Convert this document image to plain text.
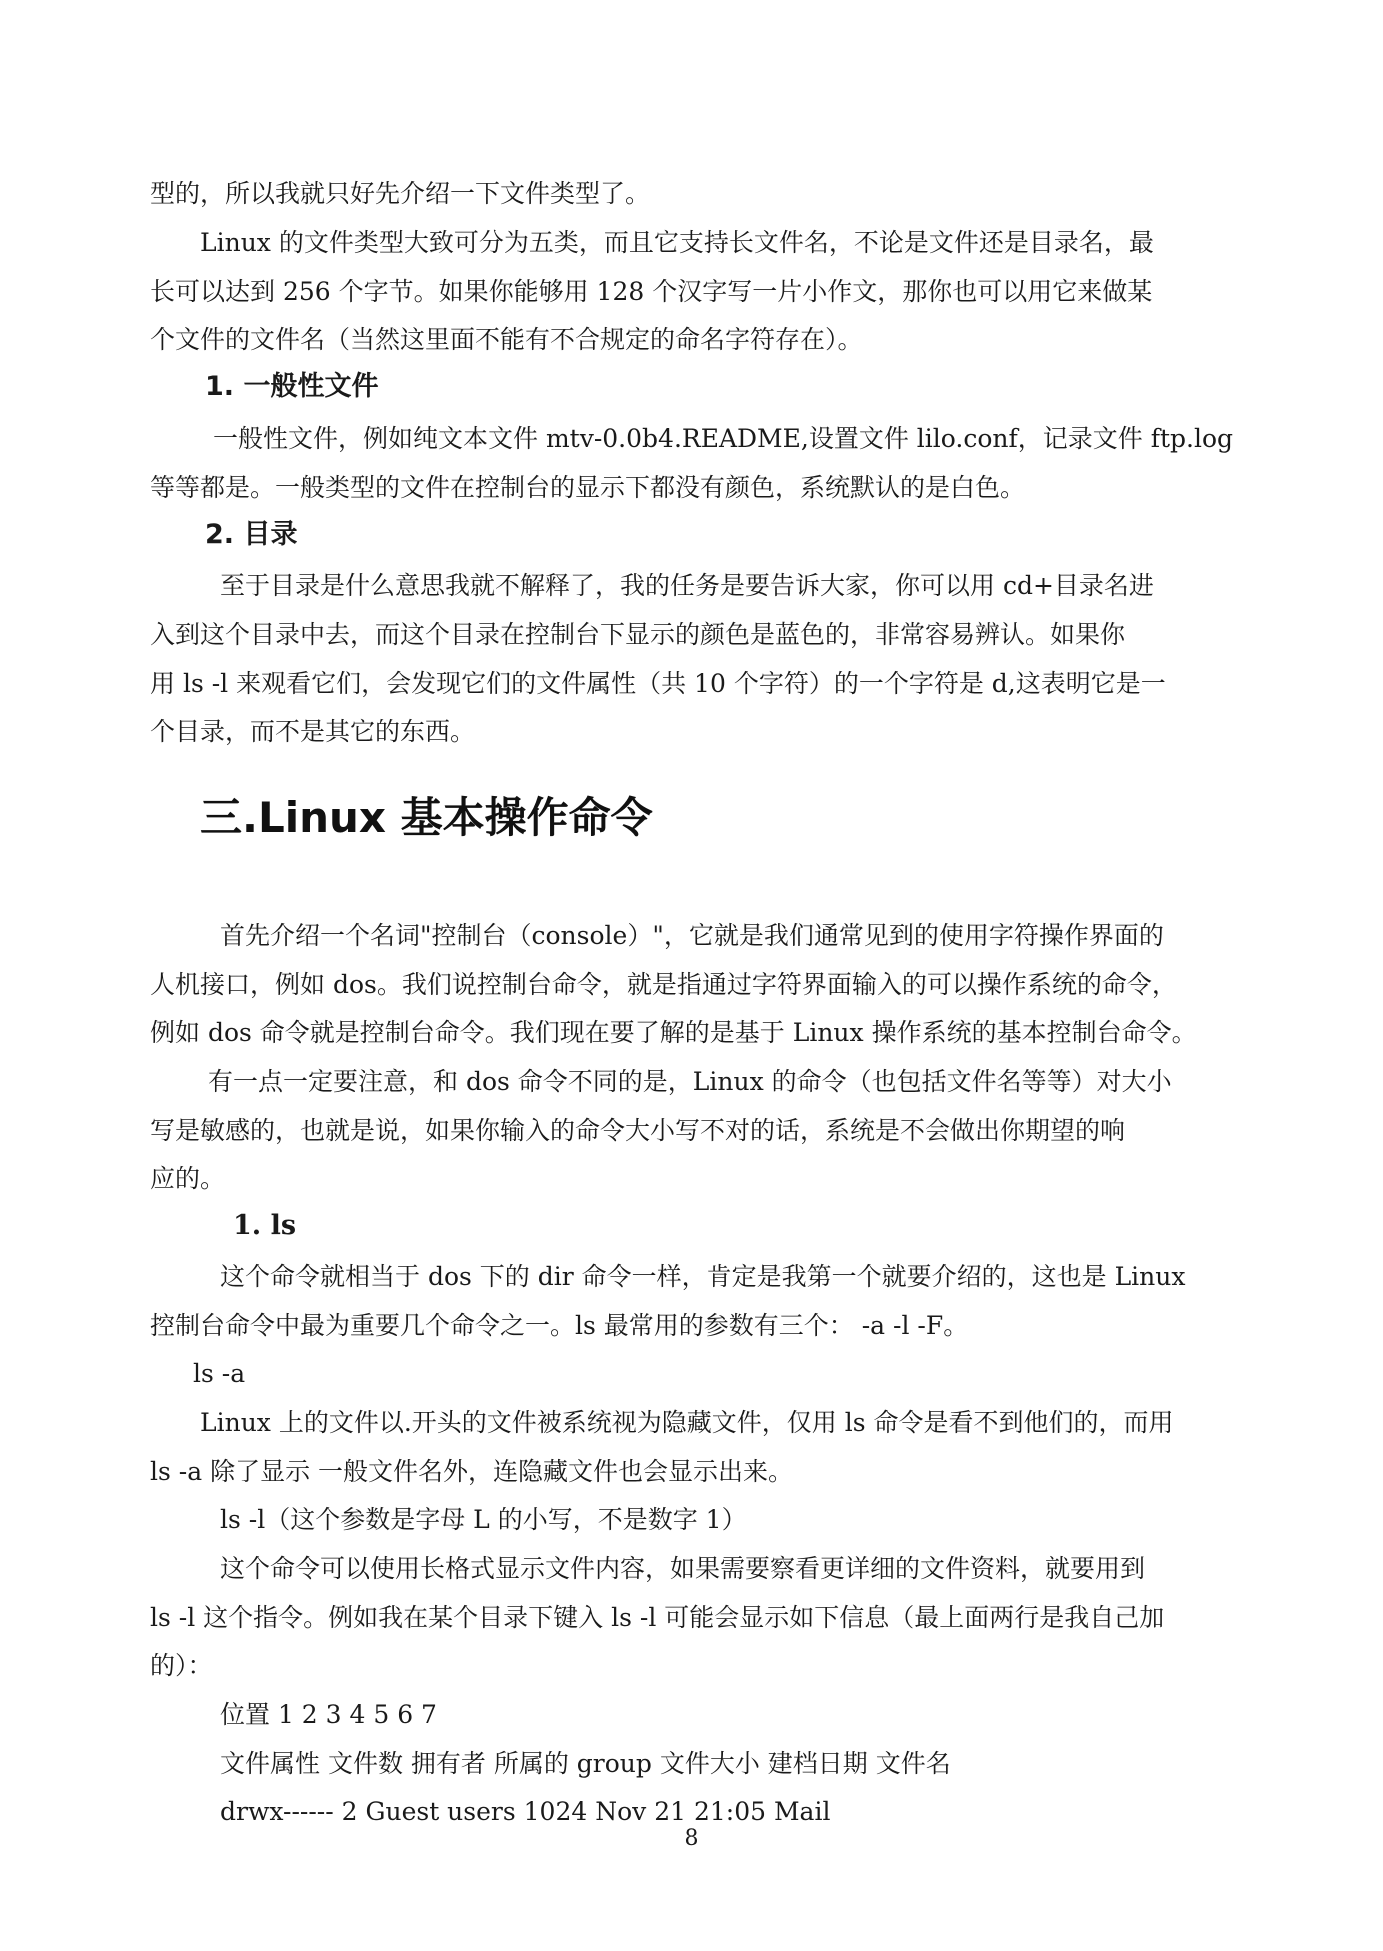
型的，所以我就只好先介绍一下文件类型了。
Linux 的文件类型大致可分为五类，而且它支持长文件名，不论是文件还是目录名，最
长可以达到 256 个字节。如果你能够用 128 个汉字写一片小作文，那你也可以用它来做某
个文件的文件名（当然这里面不能有不合规定的命名字符存在）。
1. 一般性文件
一般性文件，例如纯文本文件 mtv-0.0b4.README,设置文件 lilo.conf，记录文件 ftp.log
等等都是。一般类型的文件在控制台的显示下都没有颜色，系统默认的是白色。
2. 目录
至于目录是什么意思我就不解释了，我的任务是要告诉大家，你可以用 cd+目录名进
入到这个目录中去，而这个目录在控制台下显示的颜色是蓝色的，非常容易辨认。如果你
用 ls -l 来观看它们，会发现它们的文件属性（共 10 个字符）的一个字符是 d,这表明它是一
个目录，而不是其它的东西。
三.Linux 基本操作命令
首先介绍一个名词"控制台（console）"，它就是我们通常见到的使用字符操作界面的
人机接口，例如 dos。我们说控制台命令，就是指通过字符界面输入的可以操作系统的命令，
例如 dos 命令就是控制台命令。我们现在要了解的是基于 Linux 操作系统的基本控制台命令。
有一点一定要注意，和 dos 命令不同的是，Linux 的命令（也包括文件名等等）对大小
写是敏感的，也就是说，如果你输入的命令大小写不对的话，系统是不会做出你期望的响
应的。
1. ls
这个命令就相当于 dos 下的 dir 命令一样，肯定是我第一个就要介绍的，这也是 Linux
控制台命令中最为重要几个命令之一。ls 最常用的参数有三个： -a -l -F。
ls -a
Linux 上的文件以.开头的文件被系统视为隐藏文件，仅用 ls 命令是看不到他们的，而用
ls -a 除了显示 一般文件名外，连隐藏文件也会显示出来。
ls -l（这个参数是字母 L 的小写，不是数字 1）
这个命令可以使用长格式显示文件内容，如果需要察看更详细的文件资料，就要用到
ls -l 这个指令。例如我在某个目录下键入 ls -l 可能会显示如下信息（最上面两行是我自己加
的）：
位置 1 2 3 4 5 6 7
文件属性 文件数 拥有者 所属的 group 文件大小 建档日期 文件名
drwx------ 2 Guest users 1024 Nov 21 21:05 Mail
8
